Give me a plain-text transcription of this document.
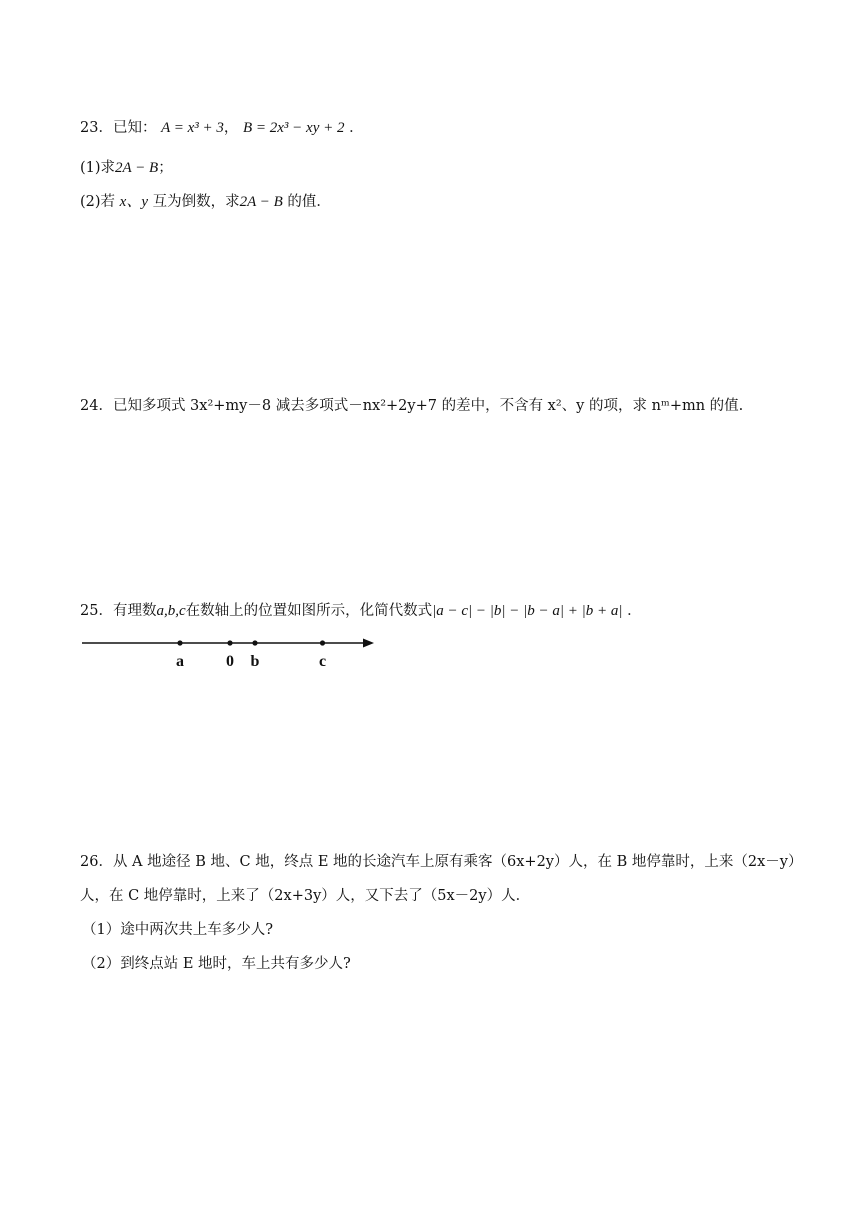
23．已知： A = x³ + 3， B = 2x³ − xy + 2 ．
(1)求2A − B；
(2)若 x、y 互为倒数，求2A − B 的值．
24．已知多项式 3x²+my－8 减去多项式－nx²+2y+7 的差中，不含有 x²、y 的项，求 nᵐ+mn 的值.
25．有理数a,b,c在数轴上的位置如图所示，化简代数式|a − c| − |b| − |b − a| + |b + a| ．
a	0 b	c
26．从 A 地途径 B 地、C 地，终点 E 地的长途汽车上原有乘客（6x+2y）人，在 B 地停靠时，上来（2x－y）
人，在 C 地停靠时，上来了（2x+3y）人，又下去了（5x－2y）人．
（1）途中两次共上车多少人?
（2）到终点站 E 地时，车上共有多少人?
